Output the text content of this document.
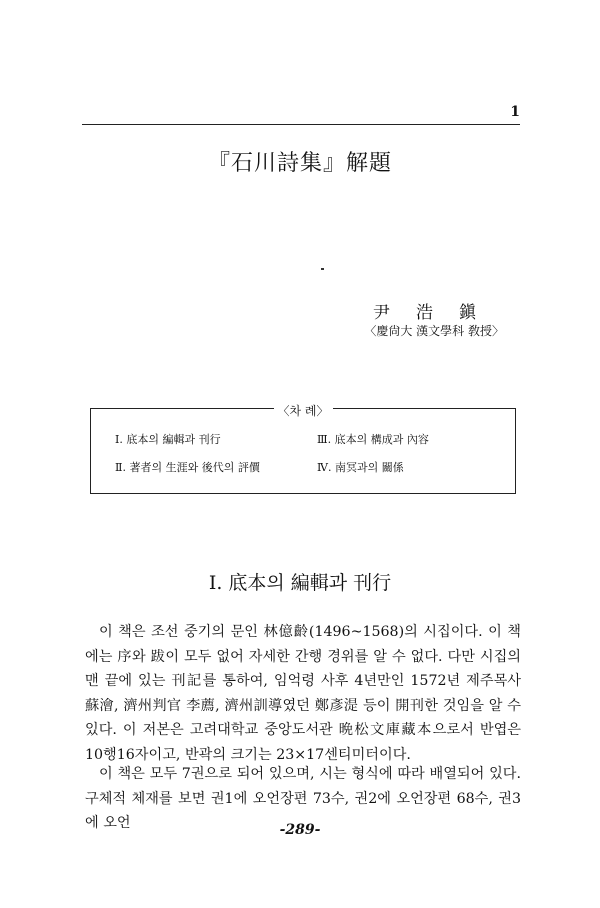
1
『石川詩集』解題
尹浩鎭
〈慶尙大 漢文學科 敎授〉
〈차 례〉
Ⅰ. 底本의 編輯과 刊行	Ⅲ. 底本의 構成과 內容
Ⅱ. 著者의 生涯와 後代의 評價	Ⅳ. 南冥과의 關係
Ⅰ. 底本의 編輯과 刊行
이 책은 조선 중기의 문인 林億齡(1496~1568)의 시집이다. 이 책에는 序와 跋이 모두 없어 자세한 간행 경위를 알 수 없다. 다만 시집의 맨 끝에 있는 刊記를 통하여, 임억령 사후 4년만인 1572년 제주목사 蘇澮, 濟州判官 李薦, 濟州訓導였던 鄭彥湜 등이 開刊한 것임을 알 수 있다. 이 저본은 고려대학교 중앙도서관 晩松文庫藏本으로서 반엽은 10행16자이고, 반곽의 크기는 23×17센티미터이다.
이 책은 모두 7권으로 되어 있으며, 시는 형식에 따라 배열되어 있다. 구체적 체재를 보면 권1에 오언장편 73수, 권2에 오언장편 68수, 권3에 오언	-289-
